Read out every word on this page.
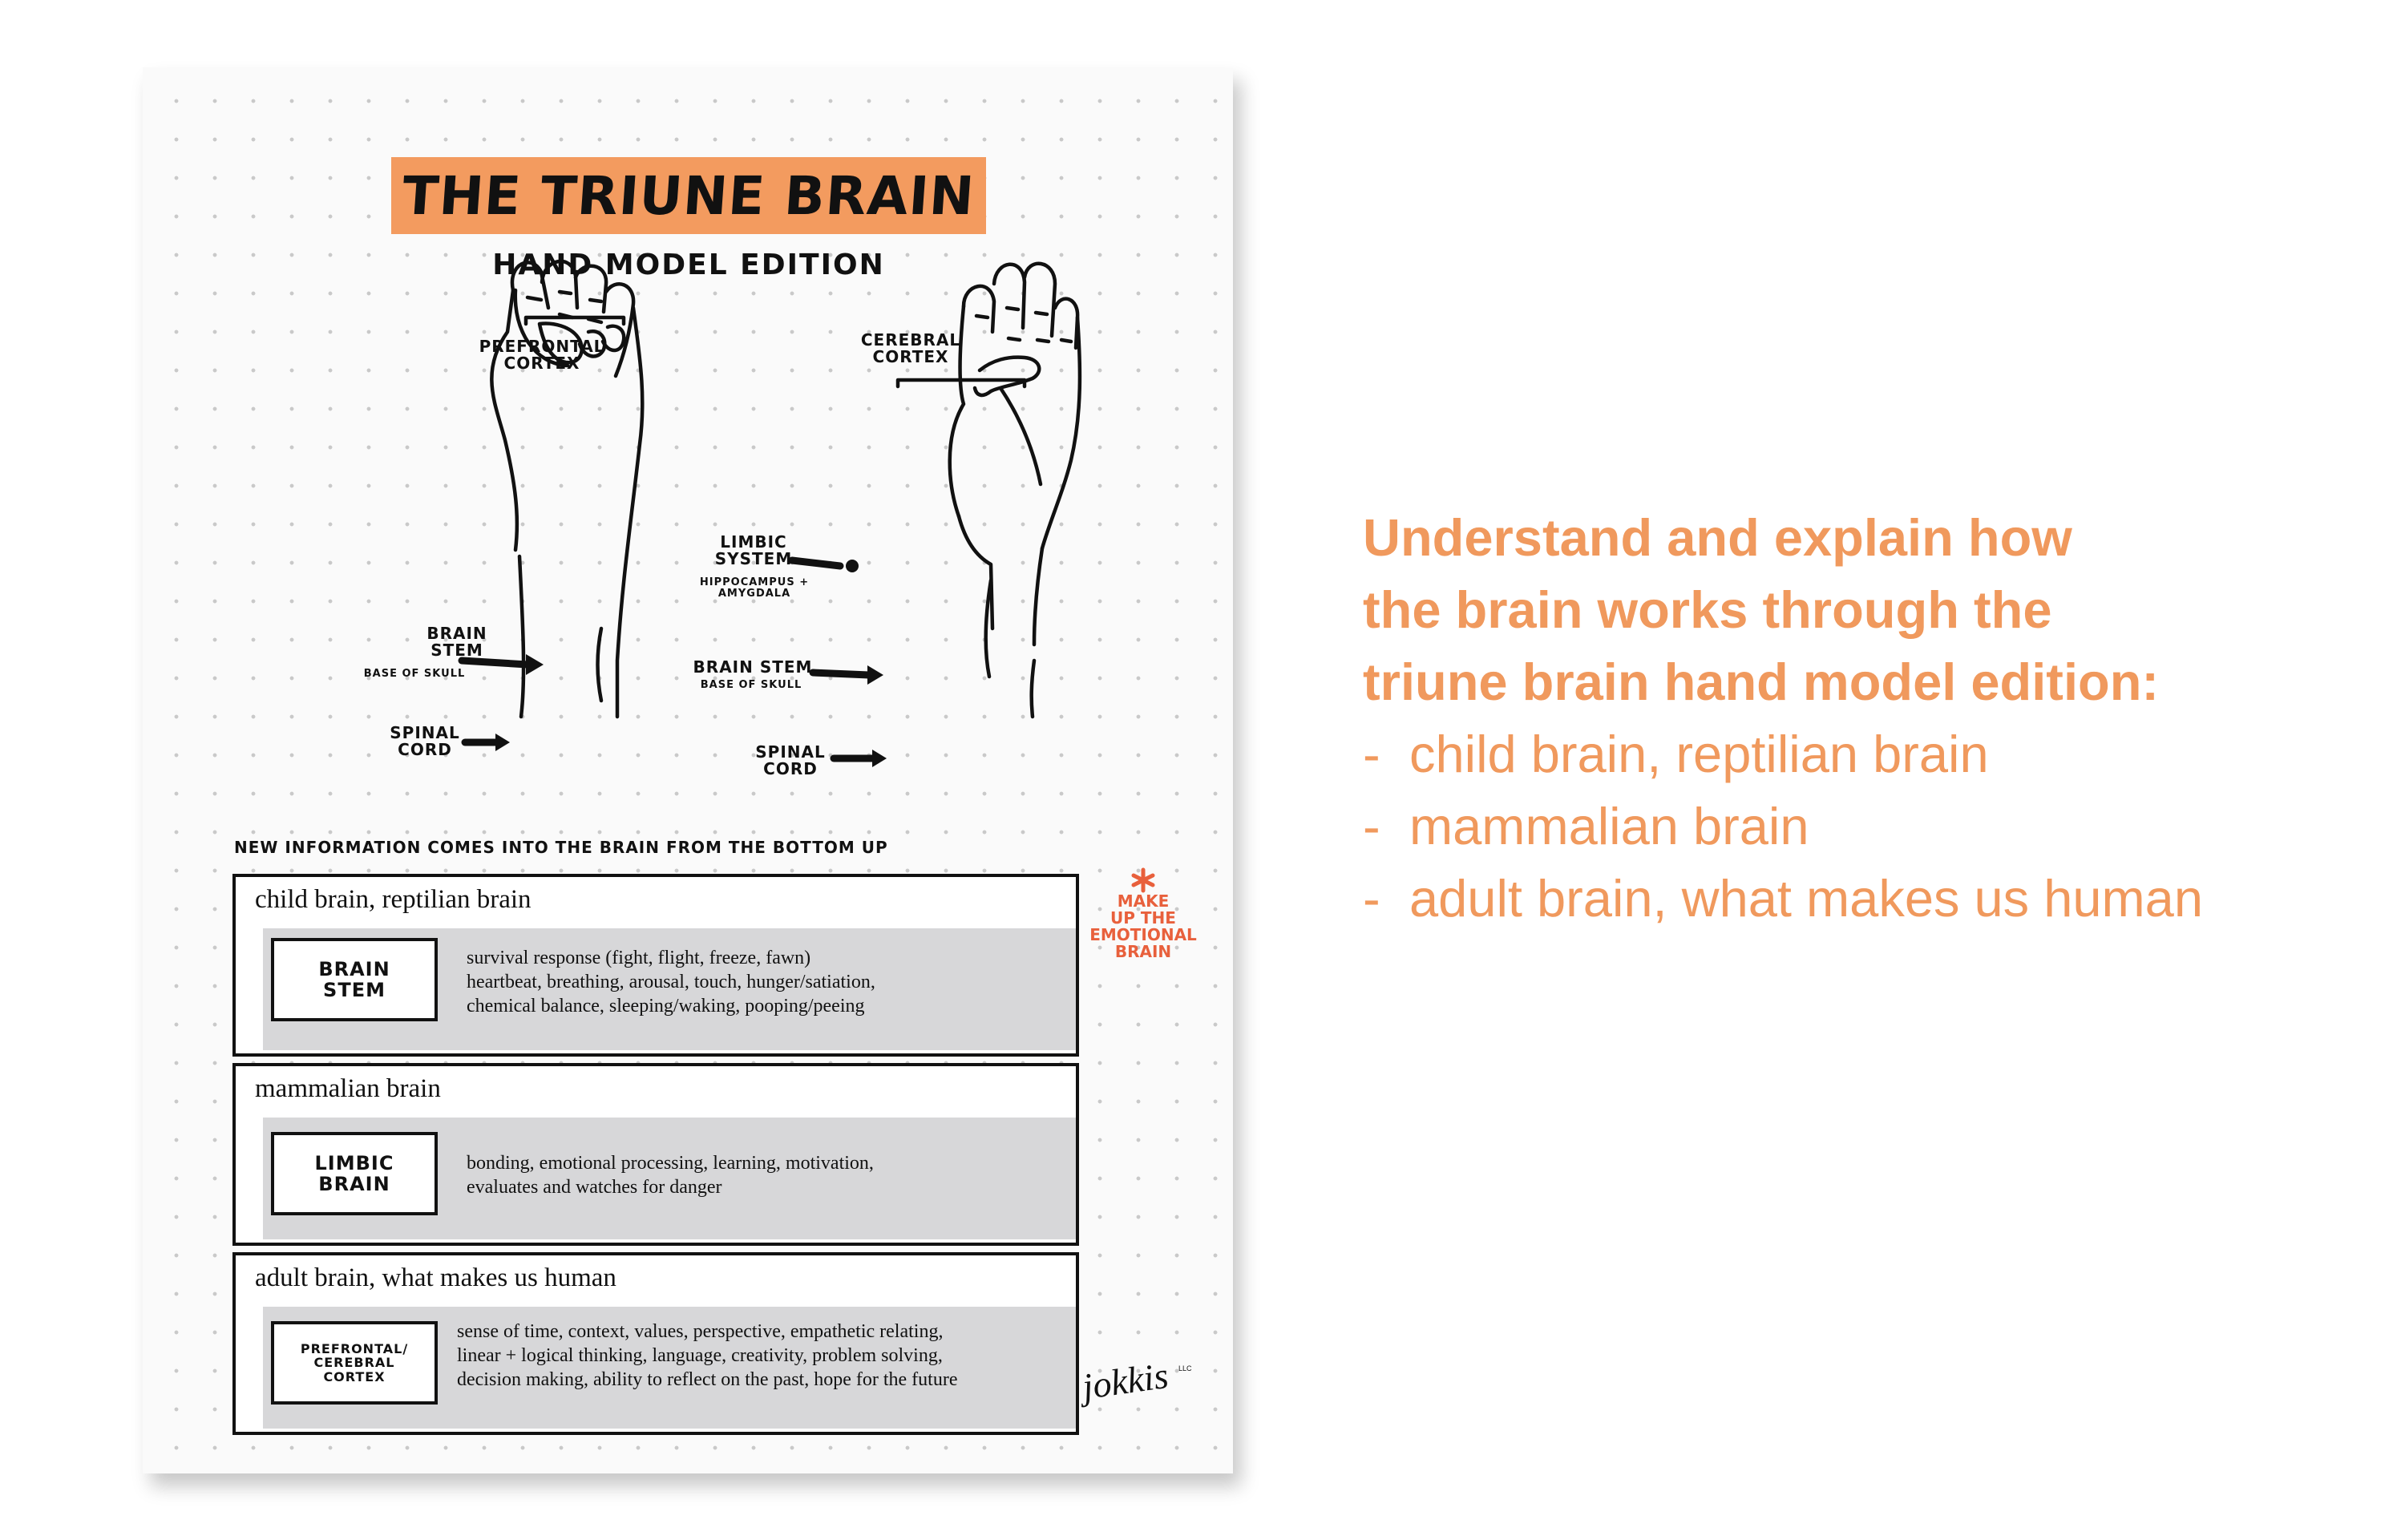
THE TRIUNE BRAIN
HAND MODEL EDITION
PREFRONTAL
CORTEX
BRAIN
STEM
BASE OF SKULL
SPINAL
CORD
CEREBRAL
CORTEX
LIMBIC
SYSTEM
HIPPOCAMPUS +
AMYGDALA
BRAIN STEM
BASE OF SKULL
SPINAL
CORD
NEW INFORMATION COMES INTO THE BRAIN FROM THE BOTTOM UP
child brain, reptilian brain
BRAIN
STEM
survival response (fight, flight, freeze, fawn)
heartbeat, breathing, arousal, touch, hunger/satiation,
chemical balance, sleeping/waking, pooping/peeing
mammalian brain
LIMBIC
BRAIN
bonding, emotional processing, learning, motivation,
evaluates and watches for danger
adult brain, what makes us human
PREFRONTAL/
CEREBRAL
CORTEX
sense of time, context, values, perspective, empathetic relating,
linear + logical thinking, language, creativity, problem solving,
decision making, ability to reflect on the past, hope for the future
MAKE
UP THE
EMOTIONAL
BRAIN
jokkis LLC
Understand and explain how
the brain works through the
triune brain hand model edition:
- child brain, reptilian brain
- mammalian brain
- adult brain, what makes us human
